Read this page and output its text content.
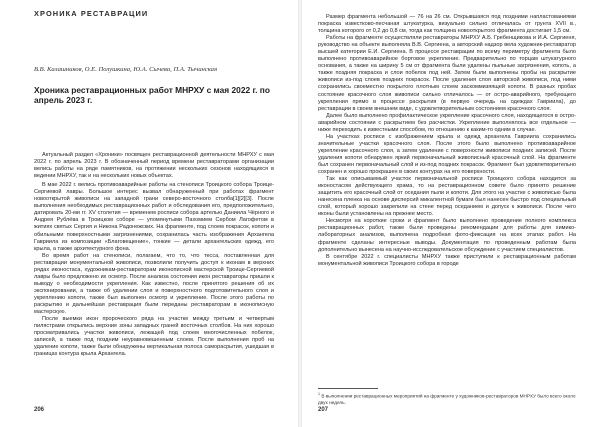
ХРОНИКА РЕСТАВРАЦИИ
В.В. Калашников, О.Е. Полушкина, Ю.А. Сычева, П.А. Тычинская
Хроника реставрационных работ МНРХУ с мая 2022 г. по апрель 2023 г.

Актуальный раздел «Хроники» посвящен реставрационной деятельности МНРХУ с мая 2022 г. по апрель 2023 г. В обозначенный период времени реставраторами организации велись работы на ряде памятников, на протяжении нескольких сезонов находящихся в ведении МНРХУ, так и на нескольких новых объектах.

В мае 2022 г. велись противоаварийные работы на стенописи Троицкого собора Троице-Сергиевой лавры. Большое интерес вызвал обнаруженный при работах фрагмент новооткрытой живописи на западной грани северо-восточного столба[1][2][3]. После выполнения необходимых реставрационных работ и обследования его, предположительно, датировать 20-ми гг. XV столетия — временем росписи собора артелью Даниила Чёрного и Андрея Рублёва в Троицком соборе — упомянутыми Пахомием Сербом Лагофетом в житиях святых Сергия и Никона Радонежских. На фрагменте, под слоем покрасок, копоти и обильными поверхностными загрязнениями, сохранилась часть изображения Архангела Гавриила из композиции «Благовещение», тонкие — детали архангельских одежд, его крыла, а также архитектурного фона.

Во время работ на стенописи, полагаем, что то, что тесса, поставленная для реставрации монументальной живописи, позволили получить доступ к иконам в верхних рядах иконостаса, художникам-реставраторам иконописной мастерской Троице-Сергиевой лавры было предложено их осмотр. После анализа состояния икон реставраторы пришли к выводу о необходимости укрепления. Как известно, после принятого решения об их экспонировании, а также об удалении слоя и поверхностного подготовительного слоя и укреплению копоти, также был выполнен осмотр и укрепление. После этого работы по раскрытию и дальнейшая реставрация были переданы реставраторам в иконописную мастерскую.

После выемки икон пророческого ряда на участке между третьим и четвертым пилястрами открылись верхние зоны западных граней восточных столбов. На них хорошо просматривались участки живописи, лежащей под слоем многочисленных побелок, записей, а также под поздним неуравновешенным слоем. После выполнения проб на удаление копоти, также были обнаружены вертикальная полоса саморасрытия, ушедшая в границах контура крыла Архангела.

206

Размер фрагмента небольшой — 76 на 26 см. Открывшаяся под поздними напластованиями покраска известково-песчаная штукатурка, визуально сильно отличалась от грунта XVII в., толщина которого от 0,2 до 0,8 см, тогда как толщина новооткрытого фрагмента достигает 1,5 см.

Работы на фрагменте осуществляли реставраторы МНРХУ А.Б. Гребенщикова и И.А. Сергиеня, руководство на объекте выполняла В.В. Сергиена, а авторский надзор вела художник-реставратор высшей категории Е.И. Сергиена. В процессе реставрации по всему периметру фрагмента было выполнено противоаварийное бортовое укрепление. Предварительно по торцам штукатурного основания, а также на ширину 5 см от фрагмента были удалены пыльные загрязнения, копоть, а также поздняя покраска и слои побелок под ней. Затем были выполнены пробы на раскрытие живописи из-под слоев поздних покрасок. После удаления слоя авторской живописи, под ними сохранились своеместно покрытого плотным слоем заскоммизяящей копоти. В разных пробах состояние красочного слоя живописи сильно отличалось — от остро-аварийного, требующего укрепления прямо в процессе раскрытия (в первую очередь на одеждах Гавриила), до реставрации в своем внешнем виде, с удовлетворительным состоянием красочного слоя.

Далее было выполнено профилактическое укрепление красочного слоя, находящегося в остро-аварийном состоянии с раскрытием без расчистки. Укрепление выполнялось все отдельное — ниже переходить к известными способом, по отношению к каким-то одним в случае.

На участках росписи с изображением крыла и одежд архангела Гавриила сохранились значительные участки красочного слоя. После этого было выполнено противоаварийное укрепление красочного слоя, а затем удаление с поверхности живописи поздних записей. После удаления копоти обнаружен яркий первоначальный живописный красочный слой. На фрагменте был сохранен первоначальный слой и из-под поздних покрасок. Фрагмент был удовлетворительно сохранен и хорошо прокрашен в своих контурах на его поверхности.

Так как описываемый участок первоначальной росписи Троицкого собора находится за иконостасом действующего храма, то на реставрационном совете было принято решение защитить его красочный слой от оседания пыли и копоти. Для этого на участке с живописью была нанесена пленка на основе дисперсий микалентной бумаги был нанесен быстро под специальный слой, который хорошо закрепили на стене перед оседанием и допуск к живописи. После чего иконы были установлены на прежнее место.

Несмотря на короткие сроки и фрагмент было выполнено проведение полного комплекса реставрационных работ, также были проведены рекомендации для работы для химико-лабораторных анализов, выполнена подробная фото-фиксация на всех этапах работ. На фрагменте сделаны интересные выводы. Документация по проведенным работам была дополнительно вынесена на научно-исследовательское обсуждение с участием специалистов.

В сентябре 2022 г. специалисты МНРХУ также приступили к реставрационным работам монументальной живописи Троицкого собора в городе

$^1$ В выполнении реставрационных мероприятий на фрагменте у художников-реставраторов МНРХУ было всего около двух недель.
207
